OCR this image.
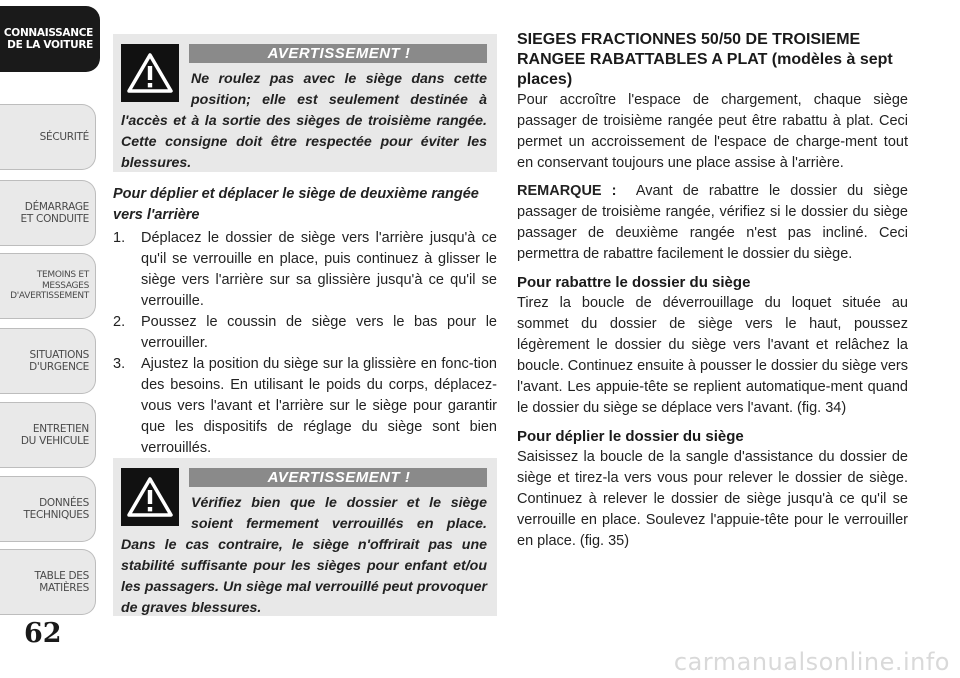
CONNAISSANCE
DE LA VOITURE
SÉCURITÉ
DÉMARRAGE
ET CONDUITE
TEMOINS ET
MESSAGES
D'AVERTISSEMENT
SITUATIONS
D'URGENCE
ENTRETIEN
DU VEHICULE
DONNÉES
TECHNIQUES
TABLE DES
MATIÈRES
62
AVERTISSEMENT !
Ne roulez pas avec le siège dans cette position; elle est seulement destinée à l'accès et à la sortie des sièges de troisième rangée. Cette consigne doit être respectée pour éviter les blessures.
Pour déplier et déplacer le siège de deuxième rangée vers l'arrière
1. Déplacez le dossier de siège vers l'arrière jusqu'à ce qu'il se verrouille en place, puis continuez à glisser le siège vers l'arrière sur sa glissière jusqu'à ce qu'il se verrouille.
2. Poussez le coussin de siège vers le bas pour le verrouiller.
3. Ajustez la position du siège sur la glissière en fonc-tion des besoins. En utilisant le poids du corps, déplacez-vous vers l'avant et l'arrière sur le siège pour garantir que les dispositifs de réglage du siège sont bien verrouillés.
AVERTISSEMENT !
Vérifiez bien que le dossier et le siège soient fermement verrouillés en place. Dans le cas contraire, le siège n'offrirait pas une stabilité suffisante pour les sièges pour enfant et/ou les passagers. Un siège mal verrouillé peut provoquer de graves blessures.
SIEGES FRACTIONNES 50/50 DE TROISIEME RANGEE RABATTABLES A PLAT (modèles à sept places)

Pour accroître l'espace de chargement, chaque siège passager de troisième rangée peut être rabattu à plat. Ceci permet un accroissement de l'espace de charge-ment tout en conservant toujours une place assise à l'arrière.

REMARQUE : Avant de rabattre le dossier du siège passager de troisième rangée, vérifiez si le dossier du siège passager de deuxième rangée n'est pas incliné. Ceci permettra de rabattre facilement le dossier du siège.

Pour rabattre le dossier du siège

Tirez la boucle de déverrouillage du loquet située au sommet du dossier de siège vers le haut, poussez légèrement le dossier du siège vers l'avant et relâchez la boucle. Continuez ensuite à pousser le dossier du siège vers l'avant. Les appuie-tête se replient automatique-ment quand le dossier du siège se déplace vers l'avant. (fig. 34)

Pour déplier le dossier du siège

Saisissez la boucle de la sangle d'assistance du dossier de siège et tirez-la vers vous pour relever le dossier de siège. Continuez à relever le dossier de siège jusqu'à ce qu'il se verrouille en place. Soulevez l'appuie-tête pour le verrouiller en place. (fig. 35)

carmanualsonline.info
